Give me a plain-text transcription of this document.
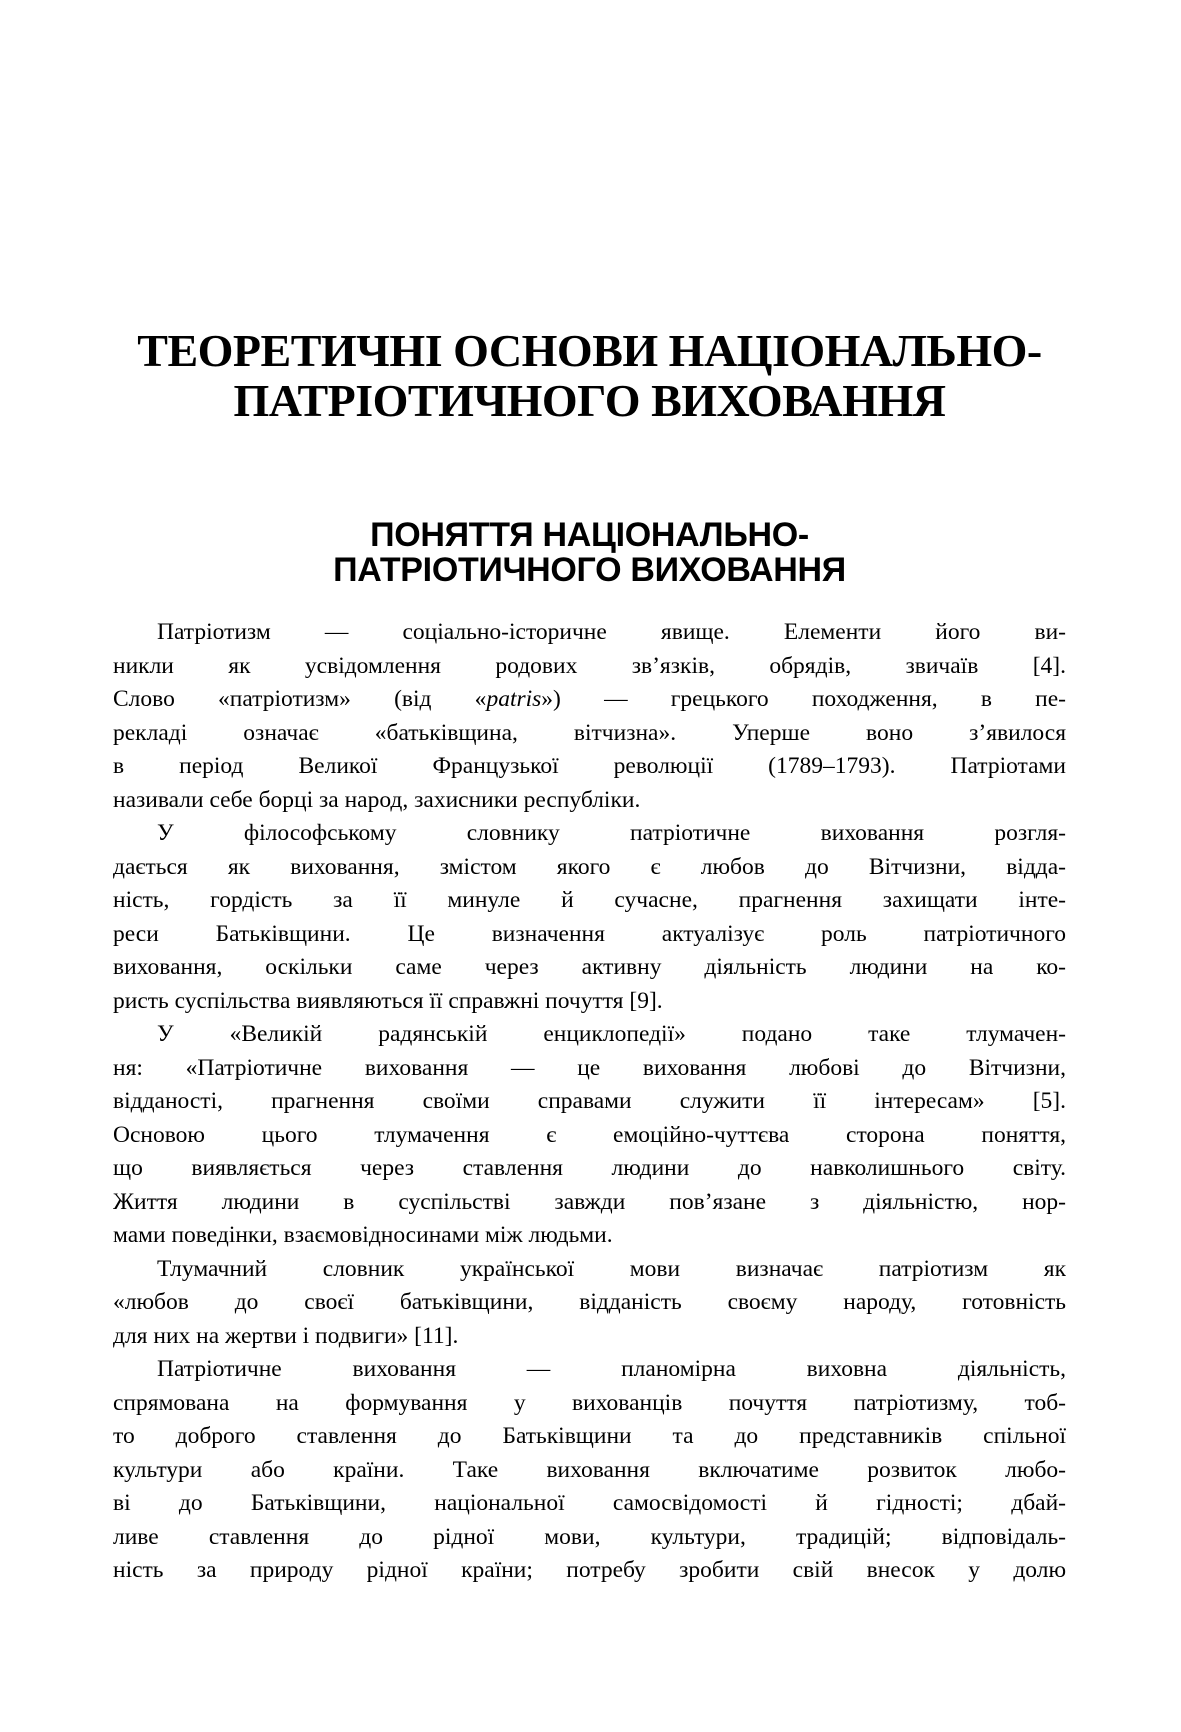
ТЕОРЕТИЧНІ ОСНОВИ НАЦІОНАЛЬНО-
ПАТРІОТИЧНОГО ВИХОВАННЯ
ПОНЯТТЯ НАЦІОНАЛЬНО-
ПАТРІОТИЧНОГО ВИХОВАННЯ
Патріотизм — соціально-історичне явище. Елементи його ви-
никли як усвідомлення родових зв’язків, обрядів, звичаїв [4].
Слово «патріотизм» (від «patris») — грецького походження, в пе-
рекладі означає «батьківщина, вітчизна». Уперше воно з’явилося
в період Великої Французької революції (1789–1793). Патріотами
називали себе борці за народ, захисники республіки.
У філософському словнику патріотичне виховання розгля-
дається як виховання, змістом якого є любов до Вітчизни, відда-
ність, гордість за її минуле й сучасне, прагнення захищати інте-
реси Батьківщини. Це визначення актуалізує роль патріотичного
виховання, оскільки саме через активну діяльність людини на ко-
ристь суспільства виявляються її справжні почуття [9].
У «Великій радянській енциклопедії» подано таке тлумачен-
ня: «Патріотичне виховання — це виховання любові до Вітчизни,
відданості, прагнення своїми справами служити її інтересам» [5].
Основою цього тлумачення є емоційно-чуттєва сторона поняття,
що виявляється через ставлення людини до навколишнього світу.
Життя людини в суспільстві завжди пов’язане з діяльністю, нор-
мами поведінки, взаємовідносинами між людьми.
Тлумачний словник української мови визначає патріотизм як
«любов до своєї батьківщини, відданість своєму народу, готовність
для них на жертви і подвиги» [11].
Патріотичне виховання — планомірна виховна діяльність,
спрямована на формування у вихованців почуття патріотизму, тоб-
то доброго ставлення до Батьківщини та до представників спільної
культури або країни. Таке виховання включатиме розвиток любо-
ві до Батьківщини, національної самосвідомості й гідності; дбай-
ливе ставлення до рідної мови, культури, традицій; відповідаль-
ність за природу рідної країни; потребу зробити свій внесок у долю
